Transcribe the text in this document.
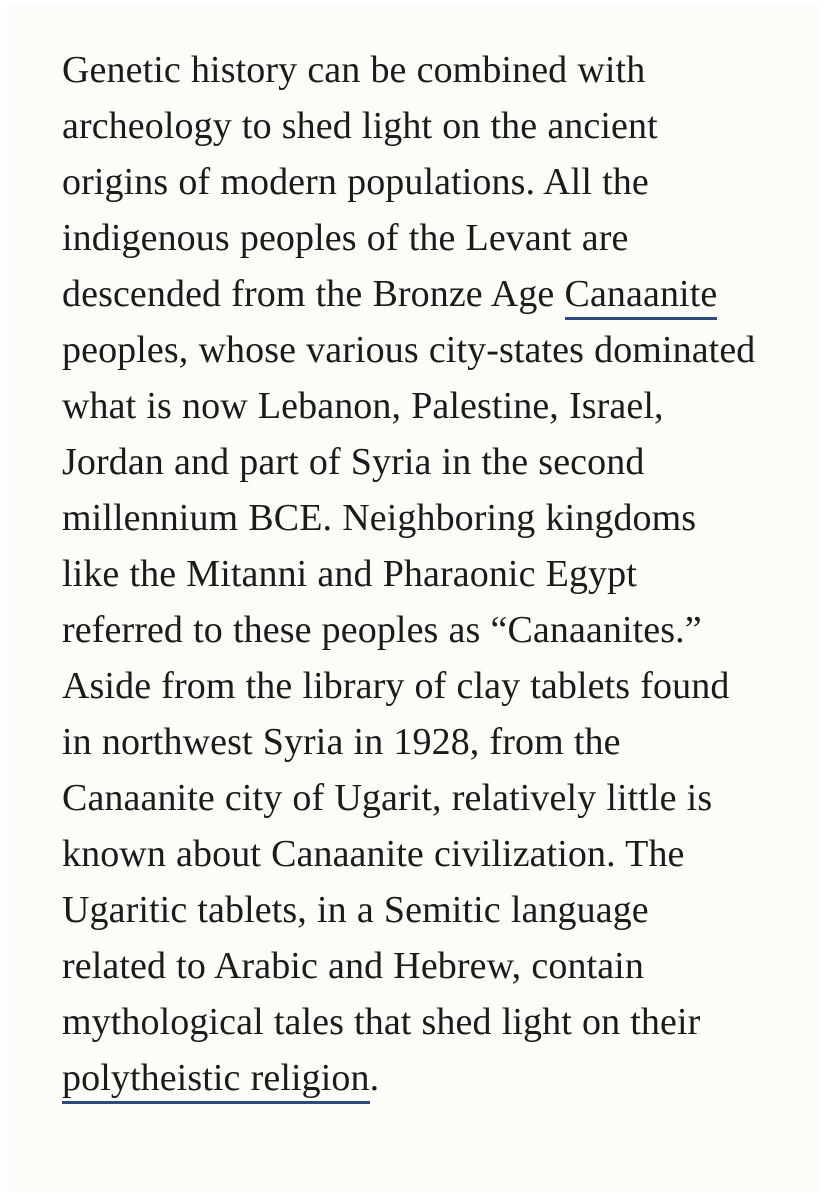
Genetic history can be combined with archeology to shed light on the ancient origins of modern populations. All the indigenous peoples of the Levant are descended from the Bronze Age Canaanite peoples, whose various city-states dominated what is now Lebanon, Palestine, Israel, Jordan and part of Syria in the second millennium BCE. Neighboring kingdoms like the Mitanni and Pharaonic Egypt referred to these peoples as “Canaanites.” Aside from the library of clay tablets found in northwest Syria in 1928, from the Canaanite city of Ugarit, relatively little is known about Canaanite civilization. The Ugaritic tablets, in a Semitic language related to Arabic and Hebrew, contain mythological tales that shed light on their polytheistic religion.
